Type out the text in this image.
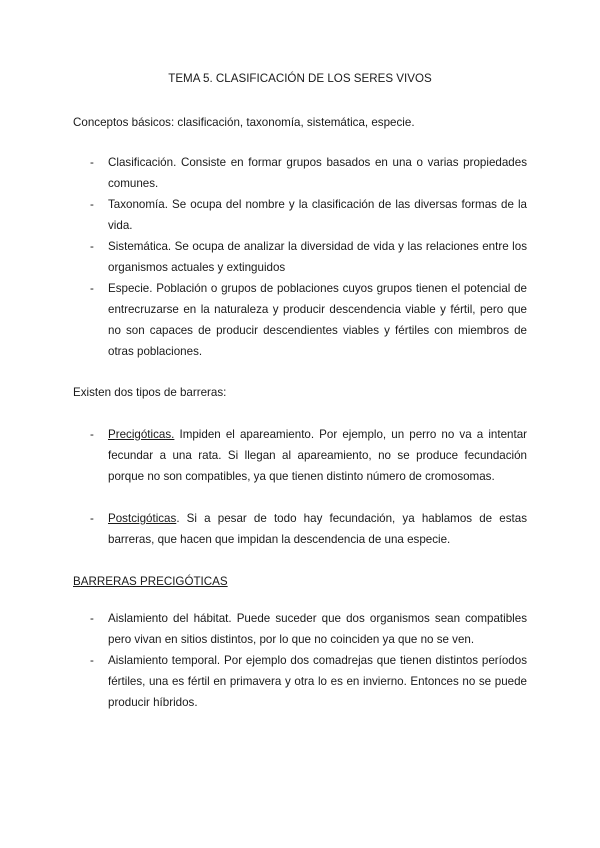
TEMA 5. CLASIFICACIÓN DE LOS SERES VIVOS

Conceptos básicos: clasificación, taxonomía, sistemática, especie.

- Clasificación. Consiste en formar grupos basados en una o varias propiedades comunes.
- Taxonomía. Se ocupa del nombre y la clasificación de las diversas formas de la vida.
- Sistemática. Se ocupa de analizar la diversidad de vida y las relaciones entre los organismos actuales y extinguidos
- Especie. Población o grupos de poblaciones cuyos grupos tienen el potencial de entrecruzarse en la naturaleza y producir descendencia viable y fértil, pero que no son capaces de producir descendientes viables y fértiles con miembros de otras poblaciones.

Existen dos tipos de barreras:

- Precigóticas. Impiden el apareamiento. Por ejemplo, un perro no va a intentar fecundar a una rata. Si llegan al apareamiento, no se produce fecundación porque no son compatibles, ya que tienen distinto número de cromosomas.
- Postcigóticas. Si a pesar de todo hay fecundación, ya hablamos de estas barreras, que hacen que impidan la descendencia de una especie.

BARRERAS PRECIGÓTICAS

- Aislamiento del hábitat. Puede suceder que dos organismos sean compatibles pero vivan en sitios distintos, por lo que no coinciden ya que no se ven.
- Aislamiento temporal. Por ejemplo dos comadrejas que tienen distintos períodos fértiles, una es fértil en primavera y otra lo es en invierno. Entonces no se puede producir híbridos.
